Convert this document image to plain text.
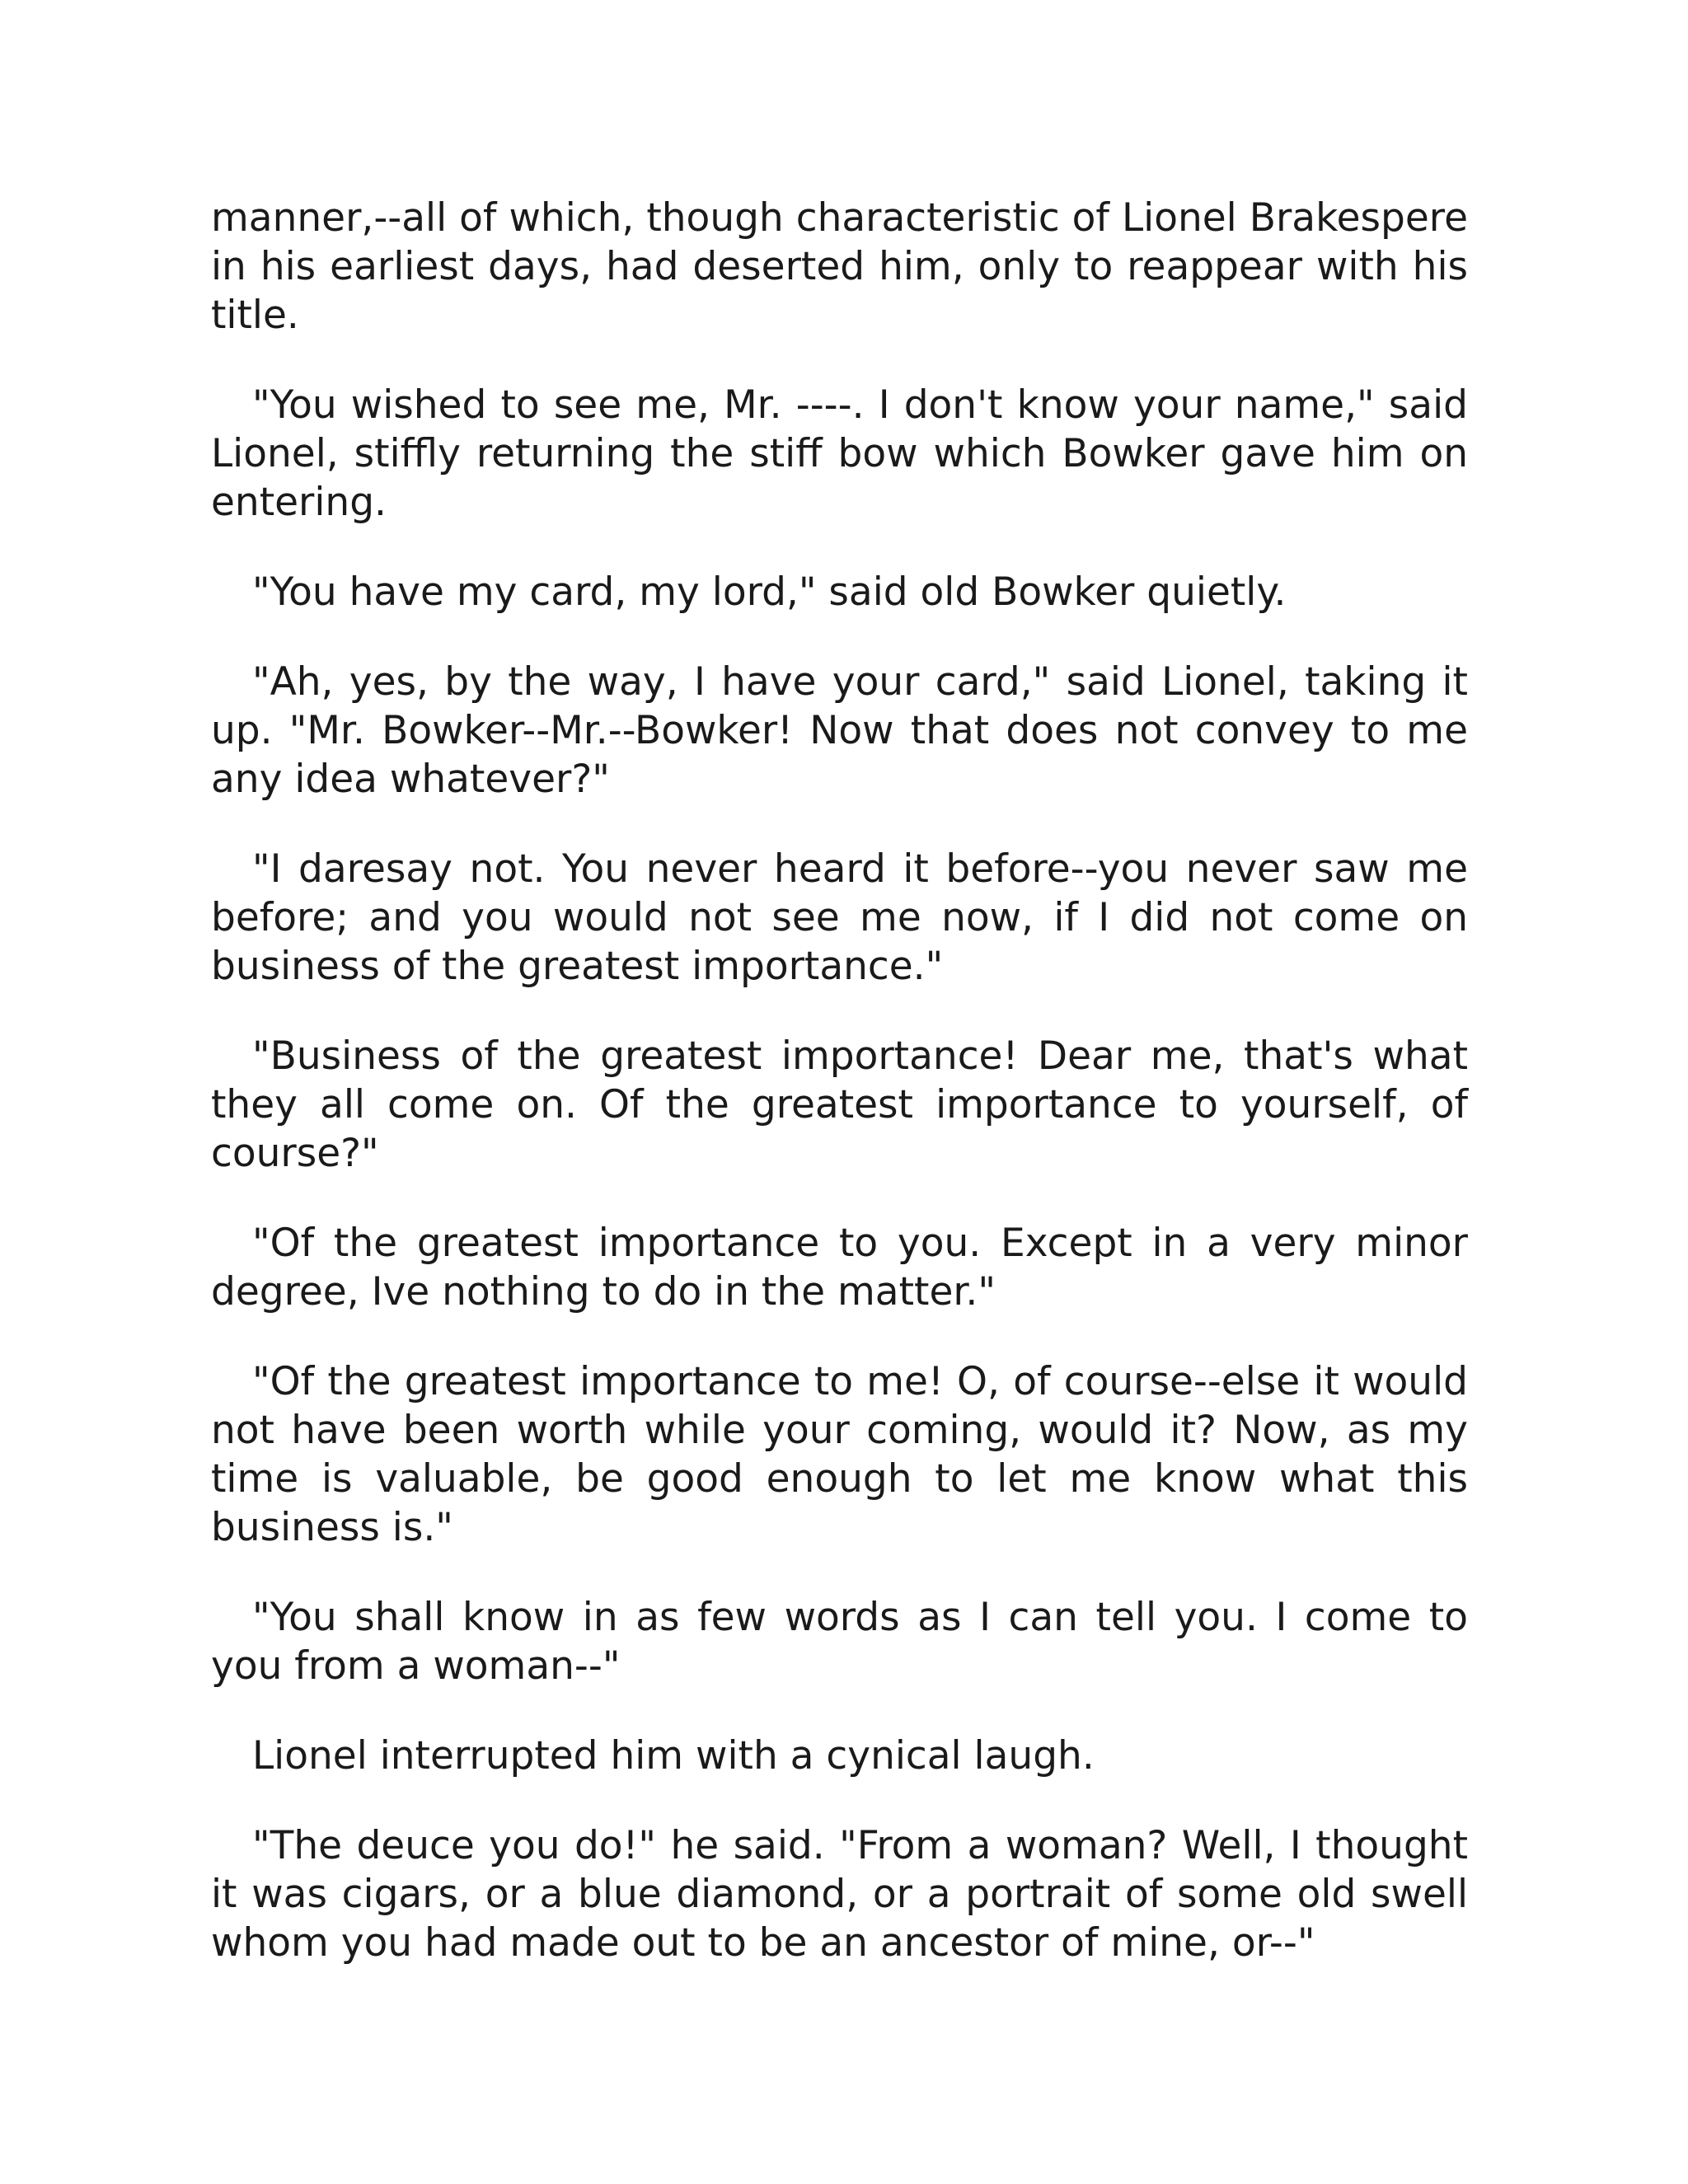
manner,--all of which, though characteristic of Lionel Brakespere in his earliest days, had deserted him, only to reappear with his title.

"You wished to see me, Mr. ----. I don't know your name," said Lionel, stiffly returning the stiff bow which Bowker gave him on entering.

"You have my card, my lord," said old Bowker quietly.

"Ah, yes, by the way, I have your card," said Lionel, taking it up. "Mr. Bowker--Mr.--Bowker! Now that does not convey to me any idea whatever?"

"I daresay not. You never heard it before--you never saw me before; and you would not see me now, if I did not come on business of the greatest importance."

"Business of the greatest importance! Dear me, that's what they all come on. Of the greatest importance to yourself, of course?"

"Of the greatest importance to you. Except in a very minor degree, Ive nothing to do in the matter."

"Of the greatest importance to me! O, of course--else it would not have been worth while your coming, would it? Now, as my time is valuable, be good enough to let me know what this business is."

"You shall know in as few words as I can tell you. I come to you from a woman--"

Lionel interrupted him with a cynical laugh.

"The deuce you do!" he said. "From a woman? Well, I thought it was cigars, or a blue diamond, or a portrait of some old swell whom you had made out to be an ancestor of mine, or--"
